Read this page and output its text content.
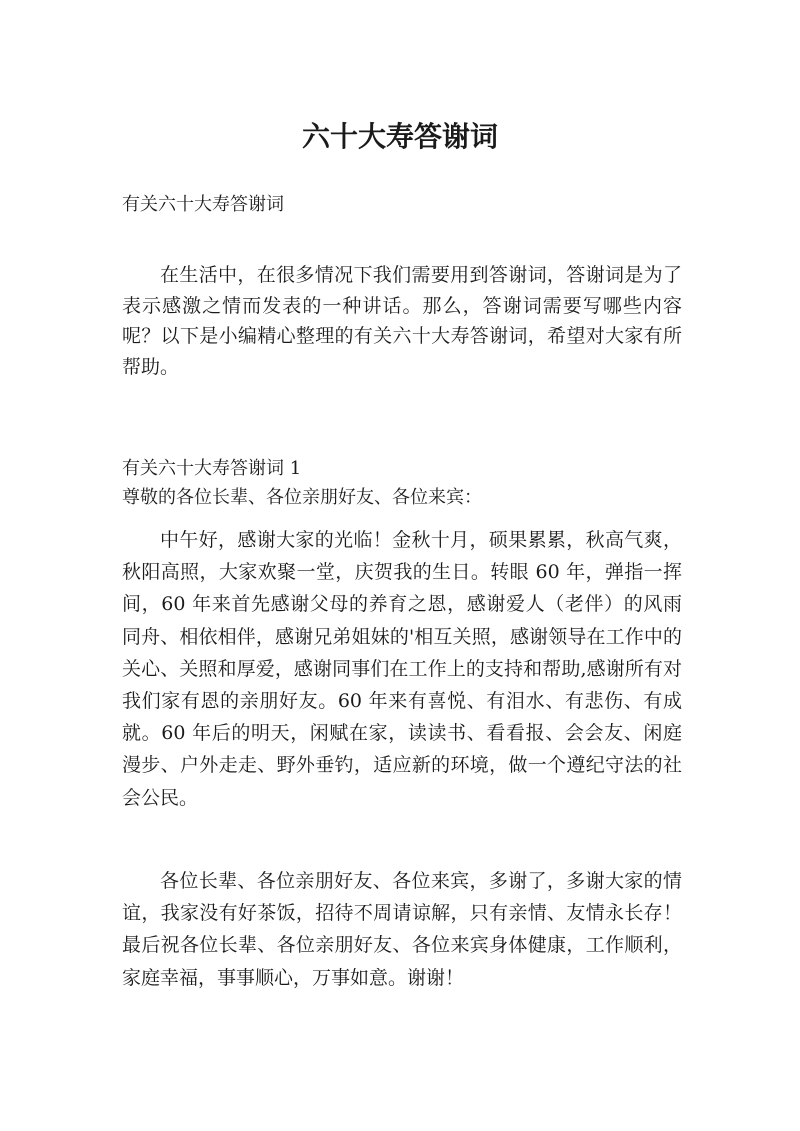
六十大寿答谢词

有关六十大寿答谢词

在生活中，在很多情况下我们需要用到答谢词，答谢词是为了表示感激之情而发表的一种讲话。那么，答谢词需要写哪些内容呢？以下是小编精心整理的有关六十大寿答谢词，希望对大家有所帮助。

有关六十大寿答谢词 1

尊敬的各位长辈、各位亲朋好友、各位来宾：

中午好，感谢大家的光临！金秋十月，硕果累累，秋高气爽，秋阳高照，大家欢聚一堂，庆贺我的生日。转眼 60 年，弹指一挥间，60 年来首先感谢父母的养育之恩，感谢爱人（老伴）的风雨同舟、相依相伴，感谢兄弟姐妹的'相互关照，感谢领导在工作中的关心、关照和厚爱，感谢同事们在工作上的支持和帮助,感谢所有对我们家有恩的亲朋好友。60 年来有喜悦、有泪水、有悲伤、有成就。60 年后的明天，闲赋在家，读读书、看看报、会会友、闲庭漫步、户外走走、野外垂钓，适应新的环境，做一个遵纪守法的社会公民。

各位长辈、各位亲朋好友、各位来宾，多谢了，多谢大家的情谊，我家没有好茶饭，招待不周请谅解，只有亲情、友情永长存！最后祝各位长辈、各位亲朋好友、各位来宾身体健康，工作顺利，家庭幸福，事事顺心，万事如意。谢谢！
